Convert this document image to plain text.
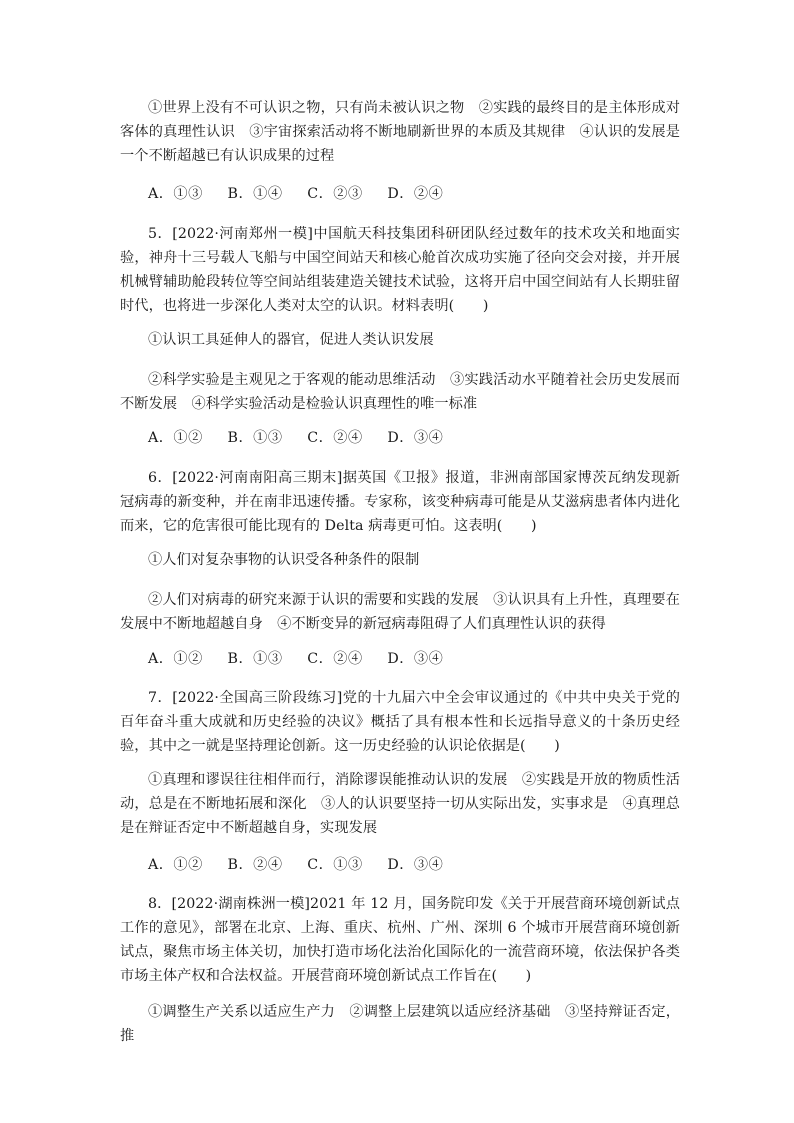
①世界上没有不可认识之物，只有尚未被认识之物　②实践的最终目的是主体形成对客体的真理性认识　③宇宙探索活动将不断地刷新世界的本质及其规律　④认识的发展是一个不断超越已有认识成果的过程

A．①③　  B．①④　  C．②③　  D．②④

5．[2022·河南郑州一模]中国航天科技集团科研团队经过数年的技术攻关和地面实验，神舟十三号载人飞船与中国空间站天和核心舱首次成功实施了径向交会对接，并开展机械臂辅助舱段转位等空间站组装建造关键技术试验，这将开启中国空间站有人长期驻留时代，也将进一步深化人类对太空的认识。材料表明(　　)

①认识工具延伸人的器官，促进人类认识发展

②科学实验是主观见之于客观的能动思维活动　③实践活动水平随着社会历史发展而不断发展　④科学实验活动是检验认识真理性的唯一标准

A．①②　  B．①③　  C．②④　  D．③④

6．[2022·河南南阳高三期末]据英国《卫报》报道，非洲南部国家博茨瓦纳发现新冠病毒的新变种，并在南非迅速传播。专家称，该变种病毒可能是从艾滋病患者体内进化而来，它的危害很可能比现有的 Delta 病毒更可怕。这表明(　　)

①人们对复杂事物的认识受各种条件的限制

②人们对病毒的研究来源于认识的需要和实践的发展　③认识具有上升性，真理要在发展中不断地超越自身　④不断变异的新冠病毒阻碍了人们真理性认识的获得

A．①②　  B．①③　  C．②④　  D．③④

7．[2022·全国高三阶段练习]党的十九届六中全会审议通过的《中共中央关于党的百年奋斗重大成就和历史经验的决议》概括了具有根本性和长远指导意义的十条历史经验，其中之一就是坚持理论创新。这一历史经验的认识论依据是(　　)

①真理和谬误往往相伴而行，消除谬误能推动认识的发展　②实践是开放的物质性活动，总是在不断地拓展和深化　③人的认识要坚持一切从实际出发，实事求是　④真理总是在辩证否定中不断超越自身，实现发展

A．①②　  B．②④　  C．①③　  D．③④

8．[2022·湖南株洲一模]2021 年 12 月，国务院印发《关于开展营商环境创新试点工作的意见》，部署在北京、上海、重庆、杭州、广州、深圳 6 个城市开展营商环境创新试点，聚焦市场主体关切，加快打造市场化法治化国际化的一流营商环境，依法保护各类市场主体产权和合法权益。开展营商环境创新试点工作旨在(　　)

①调整生产关系以适应生产力　②调整上层建筑以适应经济基础　③坚持辩证否定，推
